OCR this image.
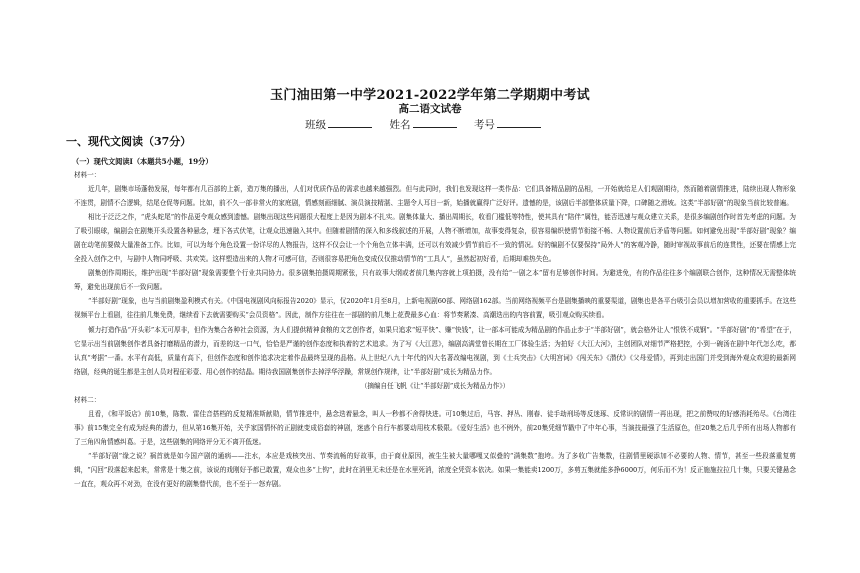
玉门油田第一中学2021-2022学年第二学期期中考试
高二语文试卷
班级	姓名	考号
一、现代文阅读（37分）
（一）现代文阅读Ⅰ（本题共5小题，19分）

材料一：

近几年，剧集市场蓬勃发展，每年都有几百部的上新，造万集的播出，人们对优质作品的需求也越来越强烈。但与此同时，我们也发现这样一类作品：它们具备精品剧的品相，一开始就给足人们观剧期待，然而随着剧情推进，陆续出现人物形象不连贯，剧情不合逻辑，结尾仓促等问题。比如，前不久一部非常火的家庭剧，情感刻画细腻、演员演技精湛、主题令人耳目一新，始播就赢得广泛好评。遗憾的是，该剧后半部整体质量下降，口碑随之滑坡。这类“半部好剧”的现象当前比较普遍。

相比于泛泛之作，“虎头蛇尾”的作品更令观众感到遗憾。剧集出现这些问题很大程度上是因为剧本不扎实。剧集体量大、播出周期长，收看门槛低等特性，使其具有“陪伴”属性，能否迅速与观众建立关系，是很多编剧创作时首先考虑的问题。为了吸引眼球，编剧会在剧集开头设置各种悬念，埋下各式伏笔，让观众迅速融入其中。但随着剧情的深入和多线叙述的开展，人物不断增加，故事变得复杂，很容易编织使情节衔接不畅、人物设置前后矛盾等问题。如何避免出现“半部好剧”现象？编剧在动笔前要做大量准备工作。比如，可以为每个角色设置一份详尽的人物报告，这样不仅会让一个个角色立体丰满，还可以有效减少情节前后不一致的情况。好的编剧不仅要保持“局外人”的客观冷静，随时审视故事前后的连贯性，还要在情感上完全投入创作之中，与剧中人物同呼吸、共欢笑。这样塑造出来的人物才可感可信，否则很容易把角色变成仅仅推动情节的“工具人”，虽然起初好看，后期却难热失色。

剧集创作周期长，维护出现“半部好剧”现象需要整个行业共同协力。很多剧集拍摄周期紧张，只有故事大纲或者前几集内容就上项拍摄，没有给“一剧之本”留有足够创作时间。为避进免，有的作品往往多个编剧联合创作，这种情况无需整体统筹，避免出现前后不一致问题。

“半部好剧”现象，也与当前剧集盈利模式有关。《中国电视剧风向标报告2020》显示，仅2020年1月至8月，上新电视剧60部、网络剧162部。当前网络视频平台是剧集播映的重要渠道，剧集也是各平台吸引会员以增加营收的重要抓手。在这些视频平台上看剧，往往前几集免费，继续看下去就需要购买“会员资格”。因此，制作方往往在一部剧的前几集上花费最多心血：将节奏紧凑、高潮迭出的内容前置，吸引观众购买续看。

倾力打造作品“开头彩”本无可厚非，但作为集合各种社会资源，为人们提供精神食粮的文艺创作者，如果只追求“短平快”、赚“快钱”，让一部本可能成为精品剧的作品止步于“半部好剧”，就会格外让人“恨铁不成钢”。“半部好剧”的“希望”在于，它显示出当前剧集创作者具备打磨精品的潜力，而差的这一口气，恰恰是严谨的创作态度和执着的艺术追求。为了写《大江恩》，编剧高满堂曾长期在工厂体验生活；为拍好《大江大河》，主创团队对细节严格把控，小到一碗汤在剧中年代怎么吃，都认真“考据”一番。水平有高低，质量有高下，但创作态度和创作追求决定着作品最终呈现的品格。从上世纪八九十年代的四大名著改编电视剧，到《士兵突击》《大明宫词》《闯关东》《潜伏》《父母爱情》，再到走出国门并受到海外观众欢迎的最新网络剧，经典的诞生都是主创人员对程征彩壹、用心创作的结晶。期待我国剧集创作去掉浮华浮躁，常规创作规律，让“半部好剧”成长为精品力作。

（摘编自任飞帆《让“半部好剧”成长为精品力作》）

材料二：

且看，《和平饭店》前10集，陈数、雷佳音搭档的反复精准斯献勋，情节推进中，悬念迭着悬念，叫人一秒都不舍得快进。可10集过后，马容、押丛、刚春、徒手劫刑场等反迷琢、反常识的剧情一再出现，把之前赞叹的好感消耗殆尽。《台湾往事》前15集完全有成为经典的潜力，但从第16集开始，关乎家国情怀的正剧就变成俗套的神剧，迷惑个自行车都要动用枝术极限。《爱好生活》也不例外，前20集凭细节戳中了中年心事，当演技最强了生活原色，但20集之后几乎所有出场人物都有了三角四角情感纠葛。于是，这些剧集的网络评分无不离开低迷。

“半部好剧”缘之说？祸首就是如今国产剧的通病——注水，本应是戏核突出、节奏流畅的好故事，由于商业原因，被生生被大量哪嘎又似叠的“满集数”抱垮。为了多收广告集数，往剧情里硬添加不必要的人物、情节，甚至一些段落重复剪辑，“闪回”段落起来起来，常常是十集之前，该说的戏刚好予都已敢置，观众也多“上钩”，此时在消里无未还是在水里死消，浓度全凭资本依决。如果一集能卖1200万，多剪五集就能多挣6000万，何乐而不为！反正施施拉拉几十集，只要关键悬念一直在，观众再不对劲，在没有更好的剧集替代前，也不至于一怒弃剧。
